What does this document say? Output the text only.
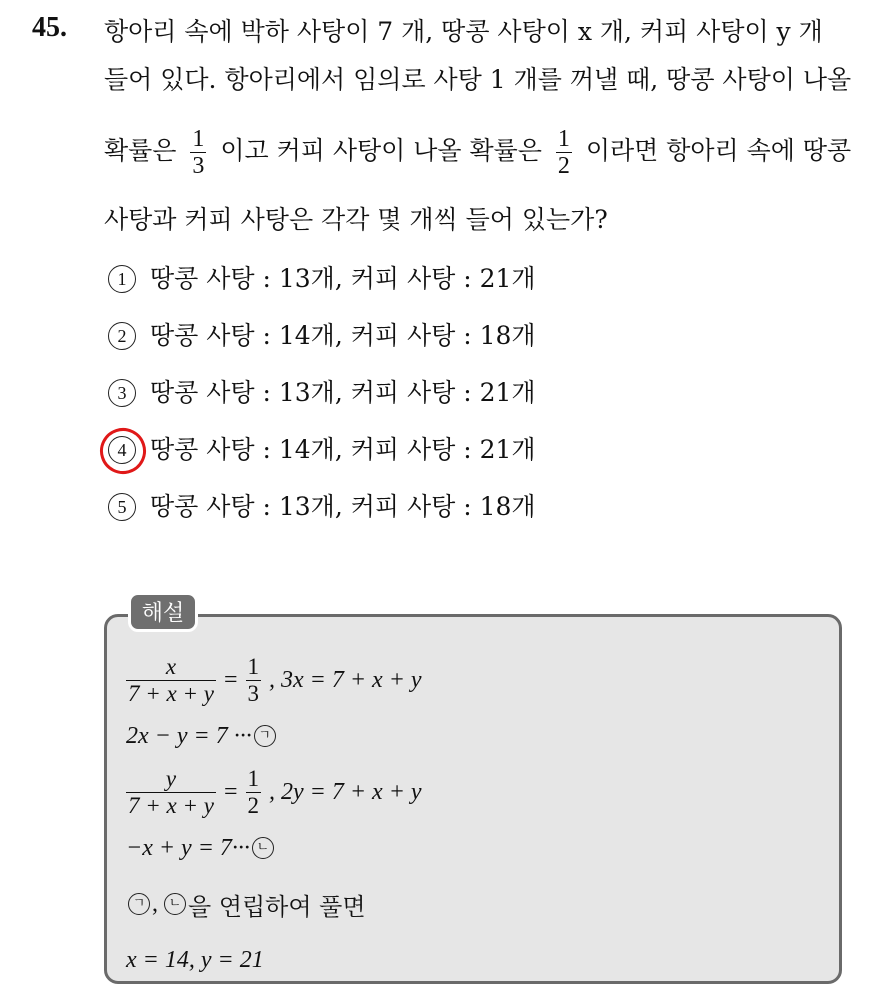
45. 항아리 속에 박하 사탕이 7 개, 땅콩 사탕이 x 개, 커피 사탕이 y 개
들어 있다. 항아리에서 임의로 사탕 1 개를 꺼낼 때, 땅콩 사탕이 나올
확률은 $\frac{1}{3}$ 이고 커피 사탕이 나올 확률은 $\frac{1}{2}$ 이라면 항아리 속에 땅콩
사탕과 커피 사탕은 각각 몇 개씩 들어 있는가?
1 땅콩 사탕 : 13개, 커피 사탕 : 21개
2 땅콩 사탕 : 14개, 커피 사탕 : 18개
3 땅콩 사탕 : 13개, 커피 사탕 : 21개
4 땅콩 사탕 : 14개, 커피 사탕 : 21개
5 땅콩 사탕 : 13개, 커피 사탕 : 18개
해설
$\frac{x}{7 + x + y} = \frac{1}{3}$ , 3x = 7 + x + y
2x − y = 7 ··· ㄱ
$\frac{y}{7 + x + y} = \frac{1}{2}$ , 2y = 7 + x + y
−x + y = 7··· ㄴ
ㄱ , ㄴ 을 연립하여 풀면
x = 14, y = 21
